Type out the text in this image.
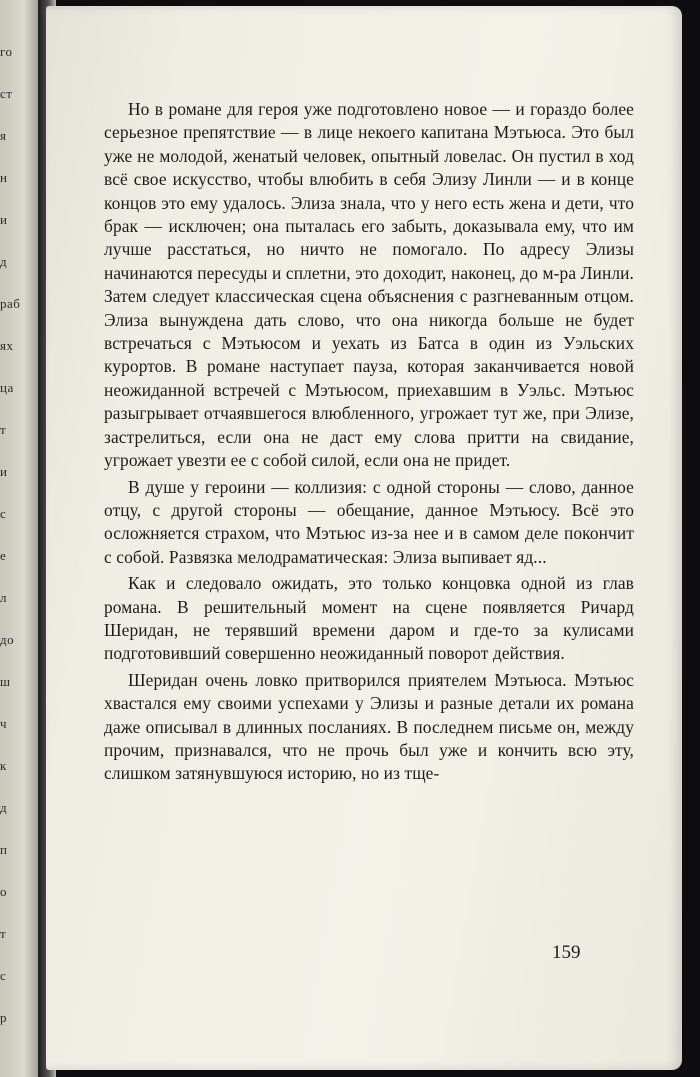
го
ст
я
н
и
д
раб
ях
ца
т
и
с
е
л
до
ш
ч
к
д
п
о
т
с
р

Но в романе для героя уже подготовлено новое — и гораздо более серьезное препятствие — в лице некоего капитана Мэтьюса. Это был уже не молодой, женатый человек, опытный ловелас. Он пустил в ход всё свое искусство, чтобы влюбить в себя Элизу Линли — и в конце концов это ему удалось. Элиза знала, что у него есть жена и дети, что брак — исключен; она пыталась его забыть, доказывала ему, что им лучше расстаться, но ничто не помогало. По адресу Элизы начинаются пересуды и сплетни, это доходит, наконец, до м-ра Линли. Затем следует классическая сцена объяснения с разгневанным отцом. Элиза вынуждена дать слово, что она никогда больше не будет встречаться с Мэтьюсом и уехать из Батса в один из Уэльских курортов. В романе наступает пауза, которая заканчивается новой неожиданной встречей с Мэтьюсом, приехавшим в Уэльс. Мэтьюс разыгрывает отчаявшегося влюбленного, угрожает тут же, при Элизе, застрелиться, если она не даст ему слова притти на свидание, угрожает увезти ее с собой силой, если она не придет.

В душе у героини — коллизия: с одной стороны — слово, данное отцу, с другой стороны — обещание, данное Мэтьюсу. Всё это осложняется страхом, что Мэтьюс из-за нее и в самом деле покончит с собой. Развязка мелодраматическая: Элиза выпивает яд...

Как и следовало ожидать, это только концовка одной из глав романа. В решительный момент на сцене появляется Ричард Шеридан, не терявший времени даром и где-то за кулисами подготовивший совершенно неожиданный поворот действия.

Шеридан очень ловко притворился приятелем Мэтьюса. Мэтьюс хвастался ему своими успехами у Элизы и разные детали их романа даже описывал в длинных посланиях. В последнем письме он, между прочим, признавался, что не прочь был уже и кончить всю эту, слишком затянувшуюся историю, но из тще-

159
